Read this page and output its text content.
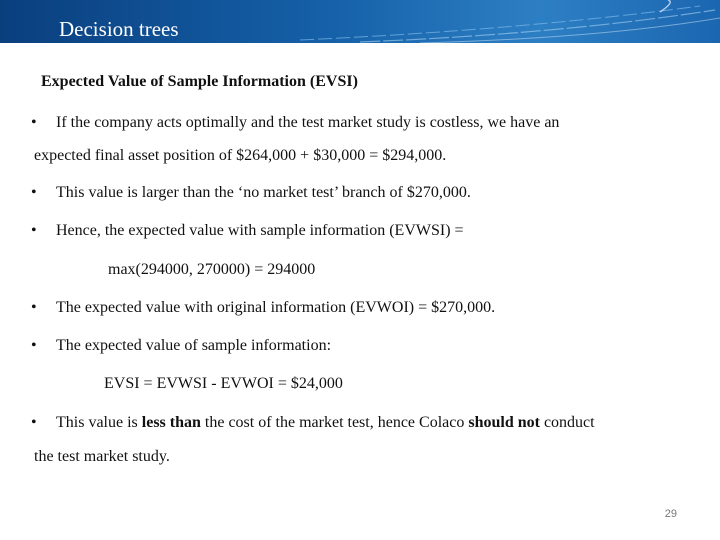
Decision trees
Expected Value of Sample Information (EVSI)
• If the company acts optimally and the test market study is costless, we have an
expected final asset position of $264,000 + $30,000 = $294,000.
• This value is larger than the ‘no market test’ branch of $270,000.
• Hence, the expected value with sample information (EVWSI) =
max(294000, 270000) = 294000
• The expected value with original information (EVWOI) = $270,000.
• The expected value of sample information:
EVSI = EVWSI - EVWOI = $24,000
• This value is less than the cost of the market test, hence Colaco should not conduct
the test market study.
29
